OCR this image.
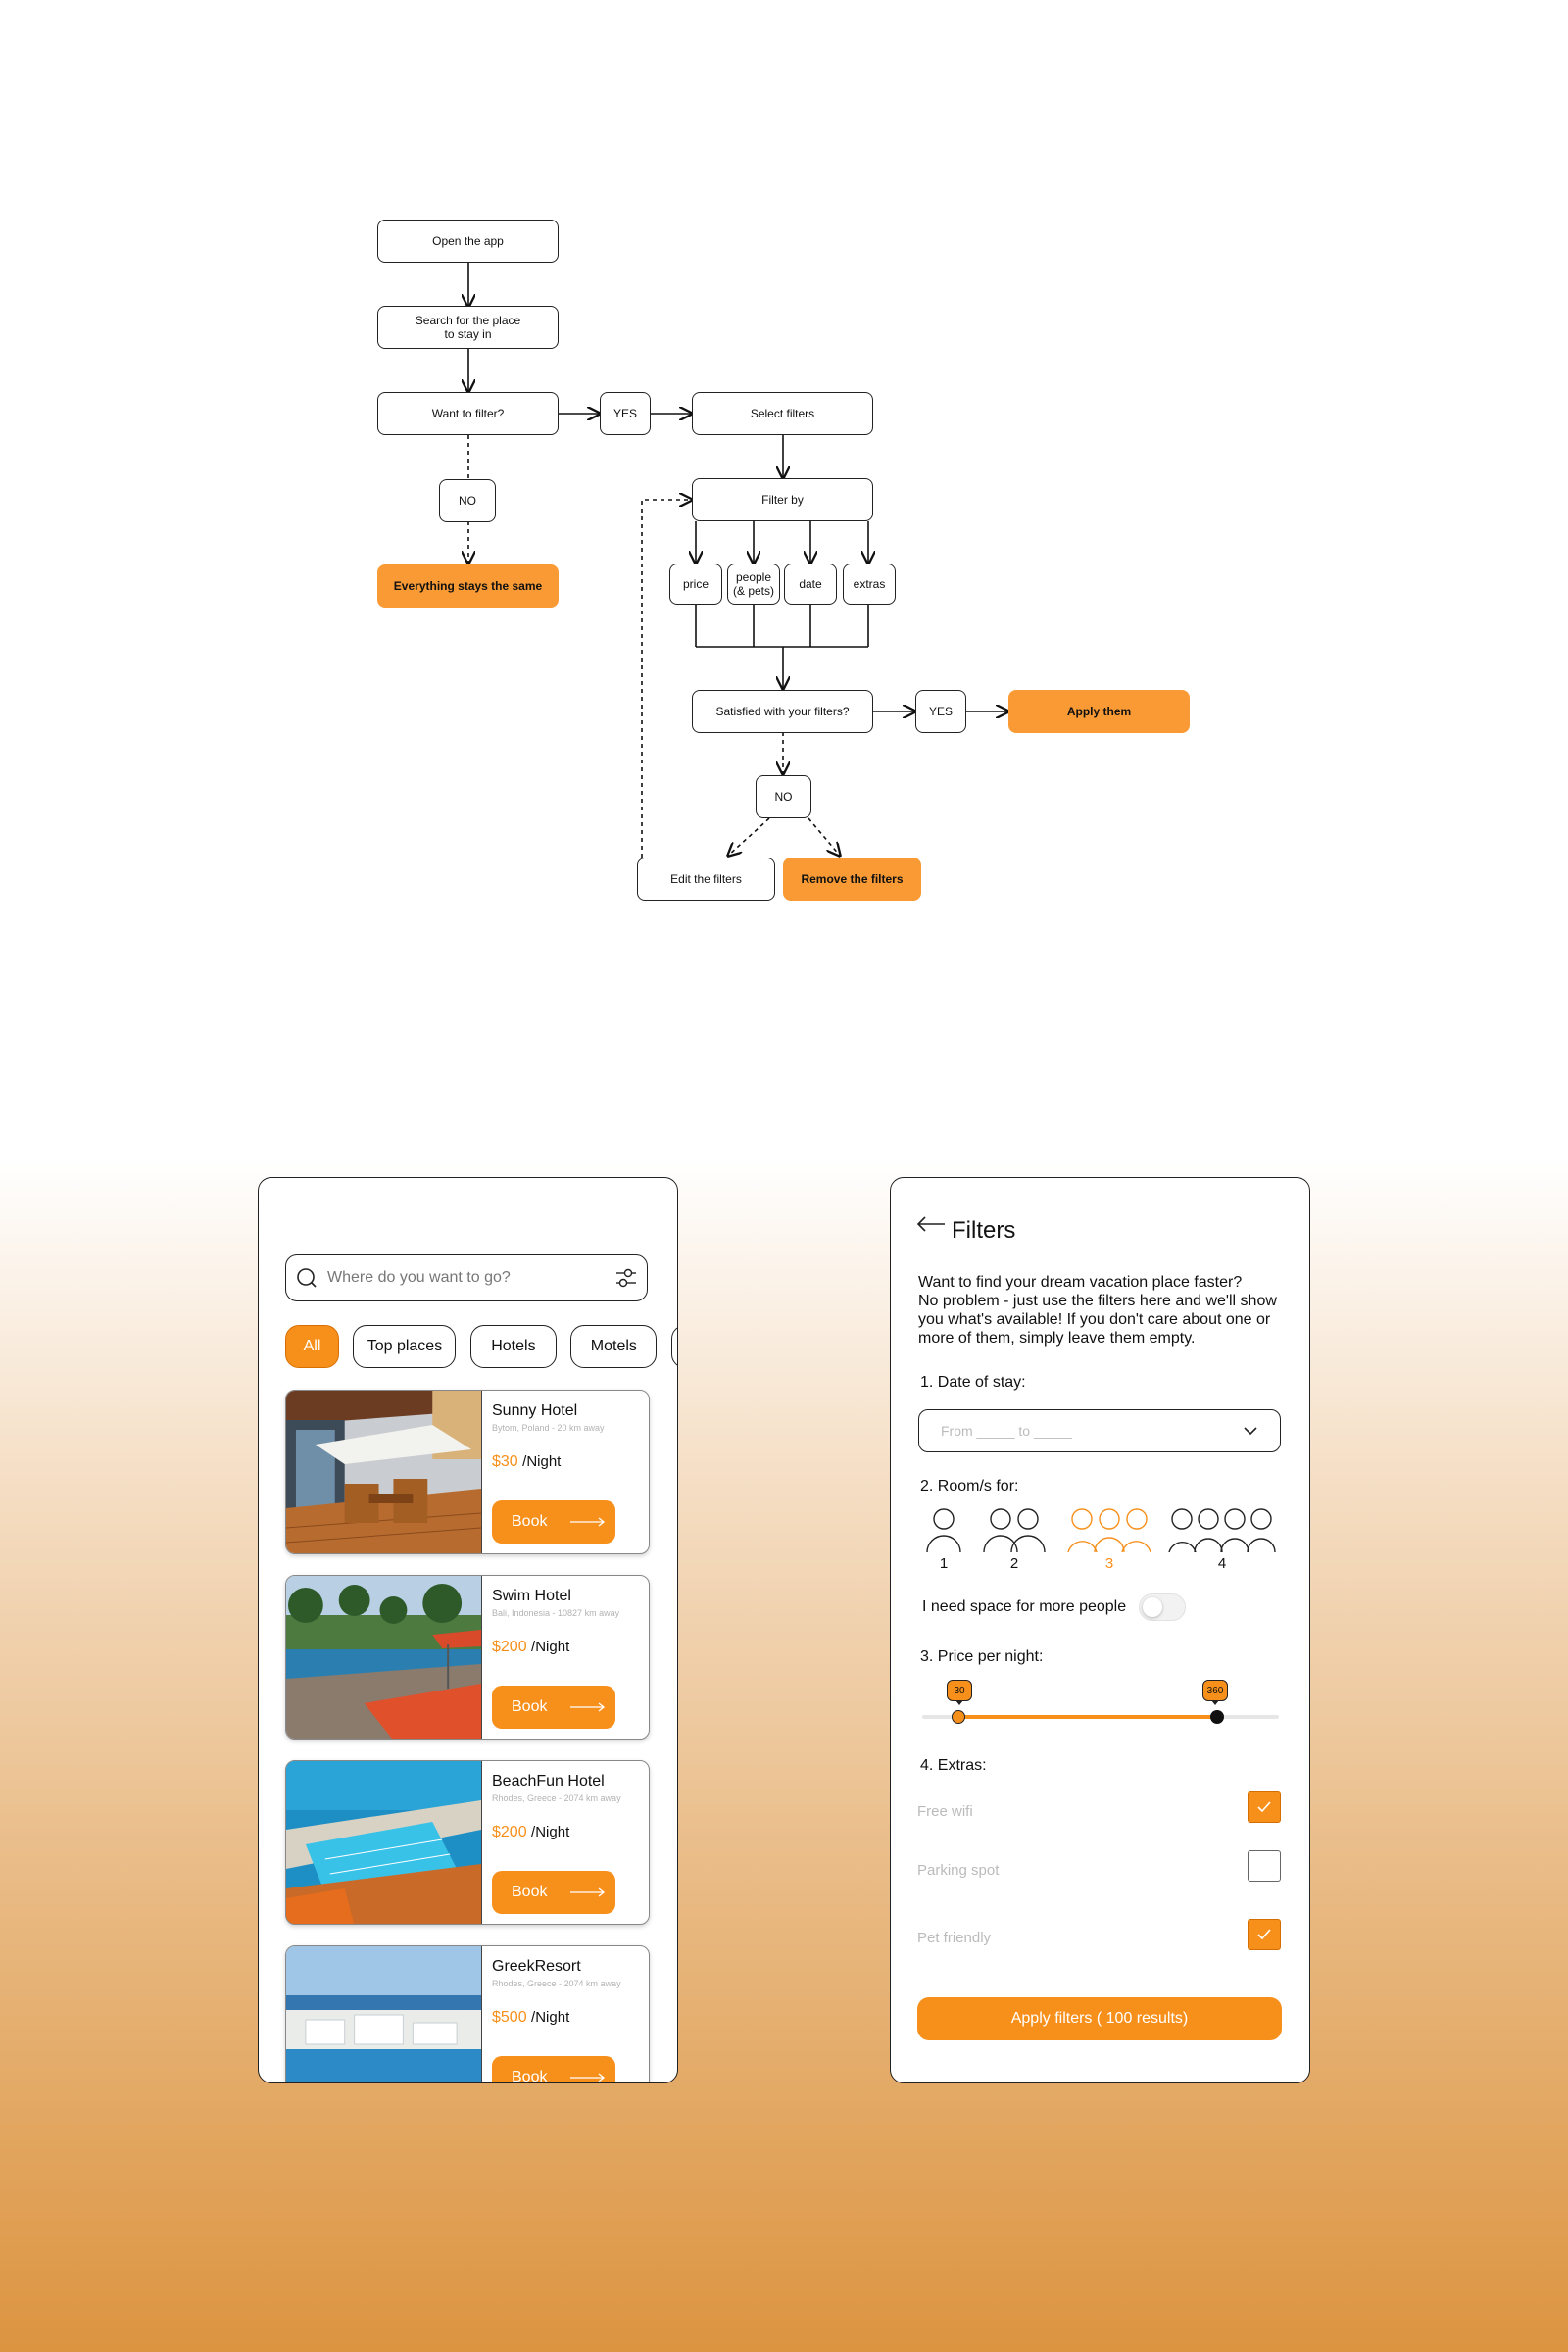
Open the app
Search for the place
to stay in
Want to filter?	YES	Select filters
NO
Everything stays the same
Filter by
price people
(& pets) date	extras
Satisfied with your filters?	YES	Apply them
NO
Edit the filters	Remove the filters
Where do you want to go?
All
	Top places
	Hotels
	Motels

Sunny Hotel
Bytom, Poland - 20 km away
$30 /Night
Book
Swim Hotel
Bali, Indonesia - 10827 km away
$200 /Night
Book
BeachFun Hotel
Rhodes, Greece - 2074 km away
$200 /Night
Book
GreekResort
Rhodes, Greece - 2074 km away
$500 /Night
Book
Filters
Want to find your dream vacation place faster?
No problem - just use the filters here and we'll show
you what's available! If you don't care about one or
more of them, simply leave them empty.
1. Date of stay:
From _____ to _____
2. Room/s for:
1	2	3	4
I need space for more people
3. Price per night:
30	360
4. Extras:
Free wifi
Parking spot
Pet friendly
Apply filters ( 100 results)
